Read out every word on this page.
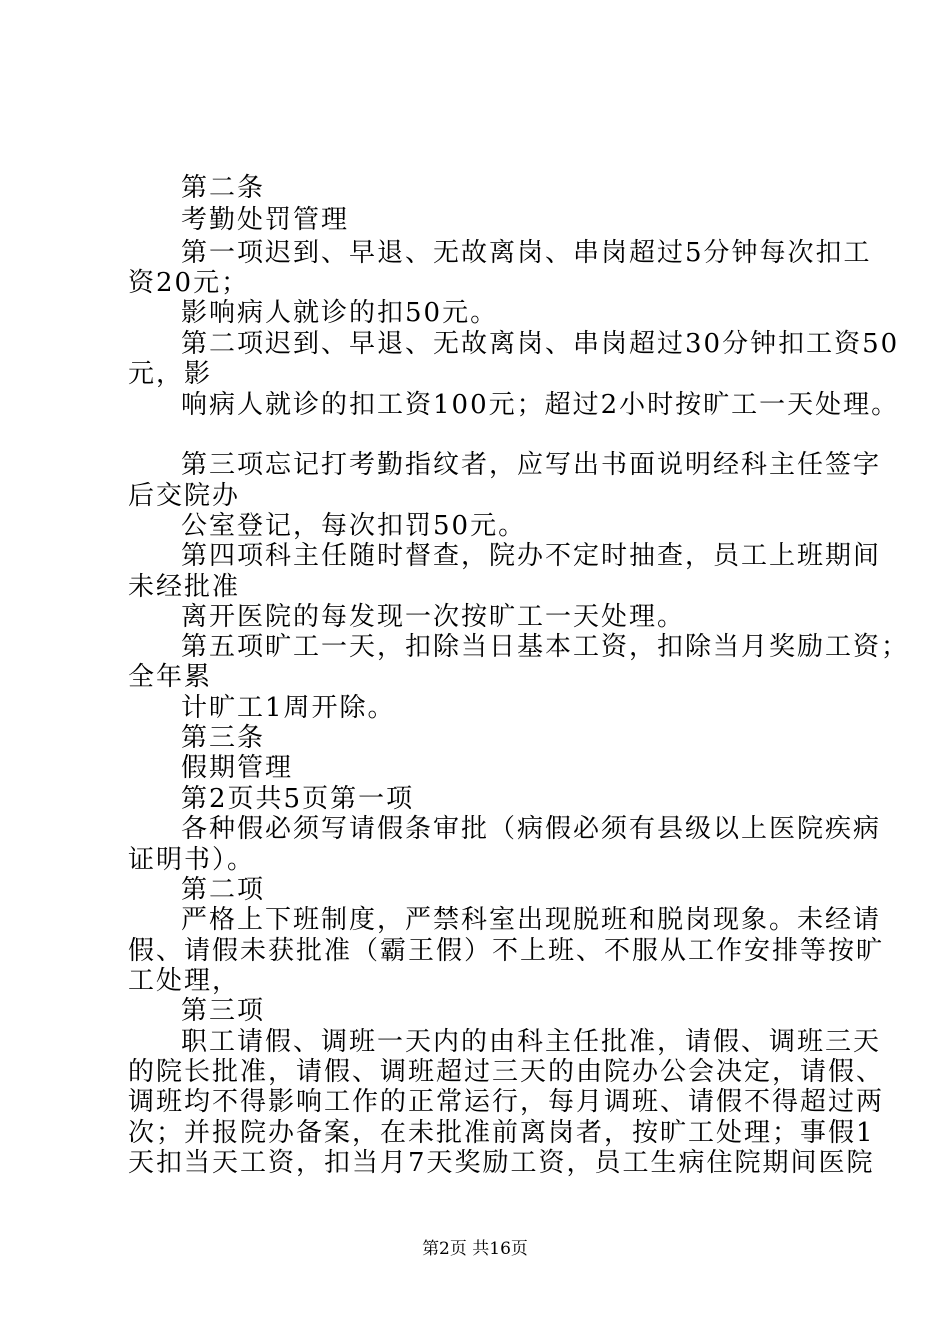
第二条
考勤处罚管理
第一项迟到、早退、无故离岗、串岗超过5分钟每次扣工
资20元；
影响病人就诊的扣50元。
第二项迟到、早退、无故离岗、串岗超过30分钟扣工资50
元，影
响病人就诊的扣工资100元；超过2小时按旷工一天处理。
第三项忘记打考勤指纹者，应写出书面说明经科主任签字
后交院办
公室登记，每次扣罚50元。
第四项科主任随时督查，院办不定时抽查，员工上班期间
未经批准
离开医院的每发现一次按旷工一天处理。
第五项旷工一天，扣除当日基本工资，扣除当月奖励工资；
全年累
计旷工1周开除。
第三条
假期管理
第2页共5页第一项
各种假必须写请假条审批（病假必须有县级以上医院疾病
证明书）。
第二项
严格上下班制度，严禁科室出现脱班和脱岗现象。未经请
假、请假未获批准（霸王假）不上班、不服从工作安排等按旷
工处理，
第三项
职工请假、调班一天内的由科主任批准，请假、调班三天
的院长批准，请假、调班超过三天的由院办公会决定，请假、
调班均不得影响工作的正常运行，每月调班、请假不得超过两
次；并报院办备案，在未批准前离岗者，按旷工处理；事假1
天扣当天工资，扣当月7天奖励工资，员工生病住院期间医院
第2页 共16页
